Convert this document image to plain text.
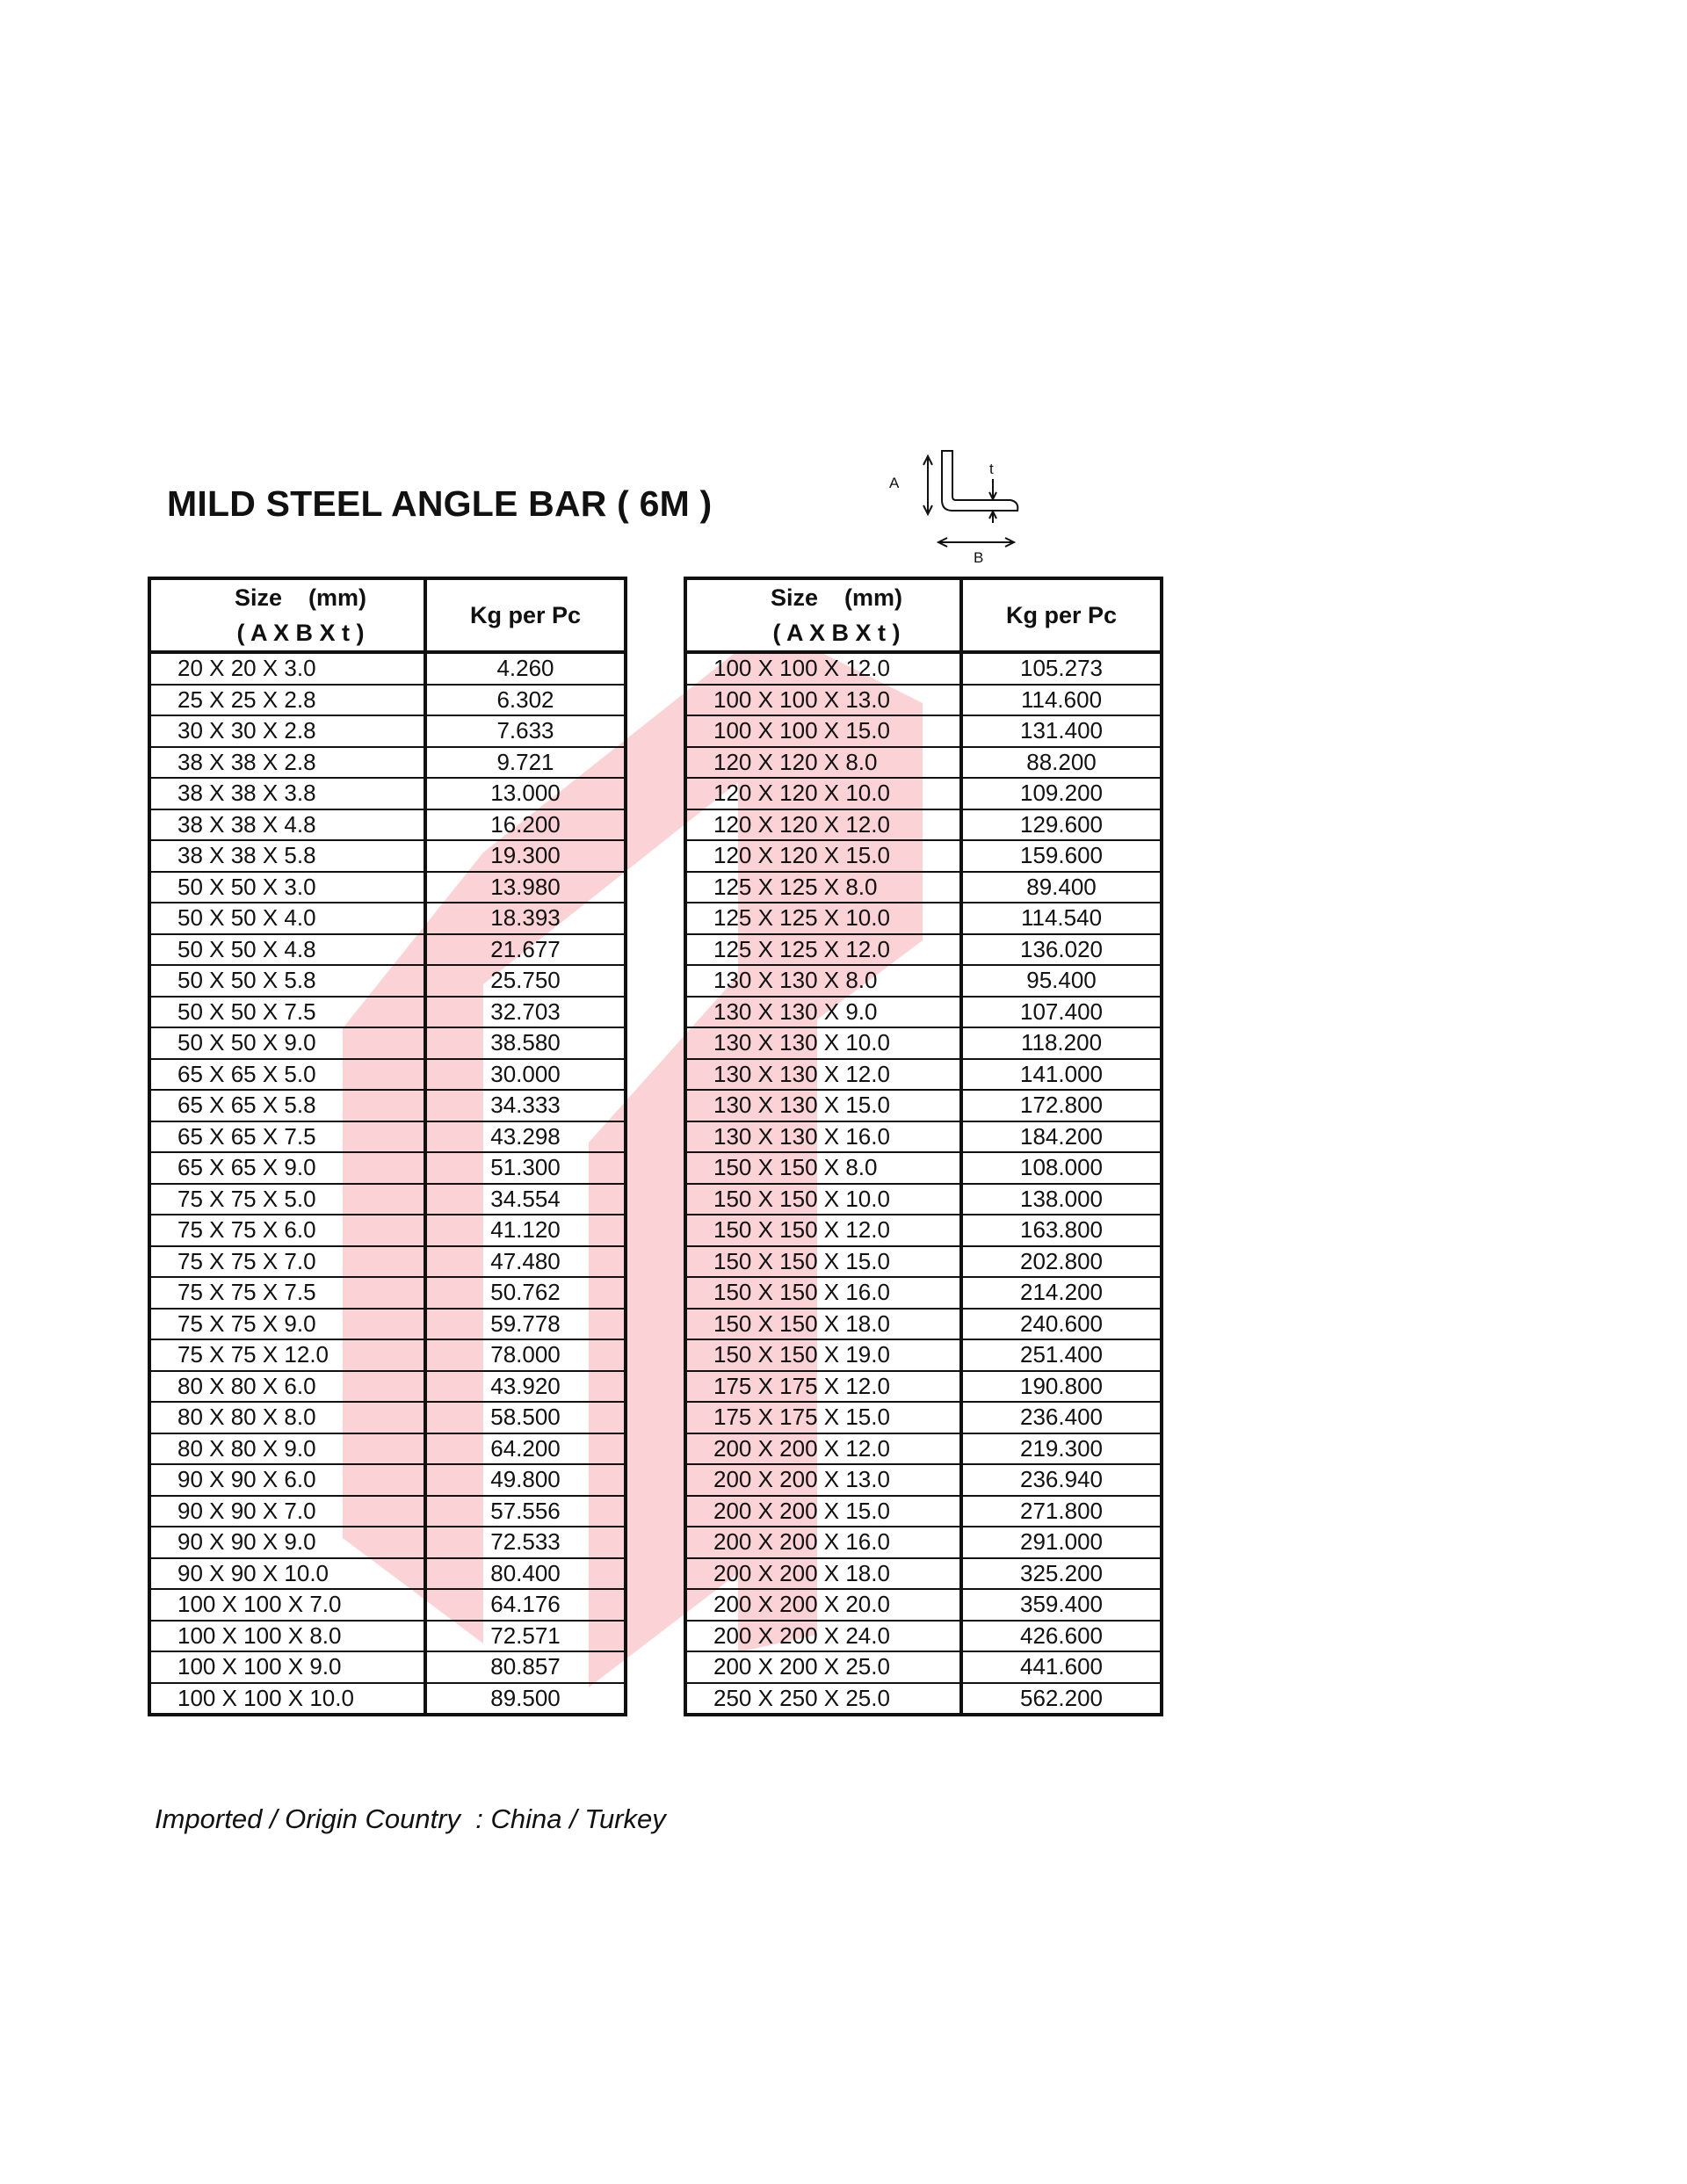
MILD STEEL ANGLE BAR ( 6M )
A
t
B
Size    (mm)
( A X B X t )	Kg per Pc
20 X 20 X 3.0	4.260
25 X 25 X 2.8	6.302
30 X 30 X 2.8	7.633
38 X 38 X 2.8	9.721
38 X 38 X 3.8	13.000
38 X 38 X 4.8	16.200
38 X 38 X 5.8	19.300
50 X 50 X 3.0	13.980
50 X 50 X 4.0	18.393
50 X 50 X 4.8	21.677
50 X 50 X 5.8	25.750
50 X 50 X 7.5	32.703
50 X 50 X 9.0	38.580
65 X 65 X 5.0	30.000
65 X 65 X 5.8	34.333
65 X 65 X 7.5	43.298
65 X 65 X 9.0	51.300
75 X 75 X 5.0	34.554
75 X 75 X 6.0	41.120
75 X 75 X 7.0	47.480
75 X 75 X 7.5	50.762
75 X 75 X 9.0	59.778
75 X 75 X 12.0	78.000
80 X 80 X 6.0	43.920
80 X 80 X 8.0	58.500
80 X 80 X 9.0	64.200
90 X 90 X 6.0	49.800
90 X 90 X 7.0	57.556
90 X 90 X 9.0	72.533
90 X 90 X 10.0	80.400
100 X 100 X 7.0	64.176
100 X 100 X 8.0	72.571
100 X 100 X 9.0	80.857
100 X 100 X 10.0	89.500
Size    (mm)
( A X B X t )	Kg per Pc
100 X 100 X 12.0	105.273
100 X 100 X 13.0	114.600
100 X 100 X 15.0	131.400
120 X 120 X 8.0	88.200
120 X 120 X 10.0	109.200
120 X 120 X 12.0	129.600
120 X 120 X 15.0	159.600
125 X 125 X 8.0	89.400
125 X 125 X 10.0	114.540
125 X 125 X 12.0	136.020
130 X 130 X 8.0	95.400
130 X 130 X 9.0	107.400
130 X 130 X 10.0	118.200
130 X 130 X 12.0	141.000
130 X 130 X 15.0	172.800
130 X 130 X 16.0	184.200
150 X 150 X 8.0	108.000
150 X 150 X 10.0	138.000
150 X 150 X 12.0	163.800
150 X 150 X 15.0	202.800
150 X 150 X 16.0	214.200
150 X 150 X 18.0	240.600
150 X 150 X 19.0	251.400
175 X 175 X 12.0	190.800
175 X 175 X 15.0	236.400
200 X 200 X 12.0	219.300
200 X 200 X 13.0	236.940
200 X 200 X 15.0	271.800
200 X 200 X 16.0	291.000
200 X 200 X 18.0	325.200
200 X 200 X 20.0	359.400
200 X 200 X 24.0	426.600
200 X 200 X 25.0	441.600
250 X 250 X 25.0	562.200
Imported / Origin Country  : China / Turkey
